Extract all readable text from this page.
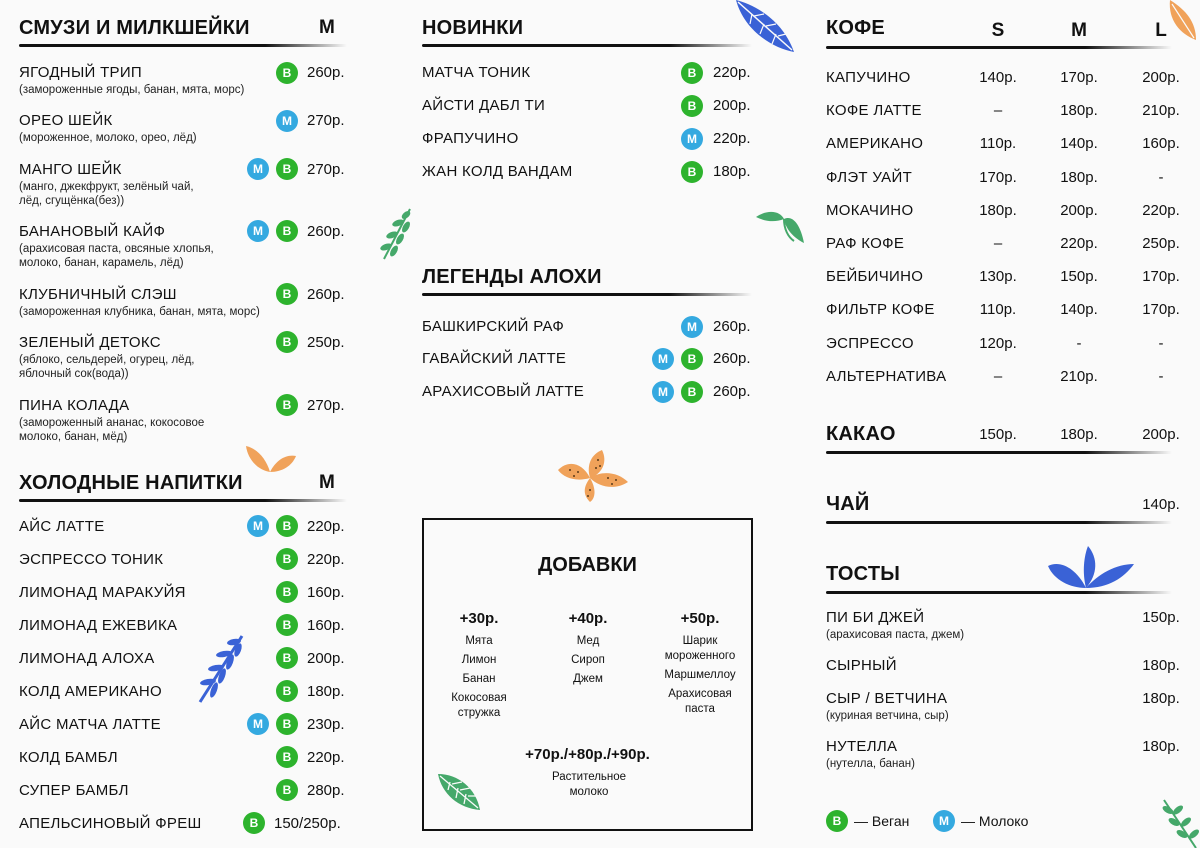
СМУЗИ И МИЛКШЕЙКИ	M
ЯГОДНЫЙ ТРИП
(замороженные ягоды, банан, мята, морс)
В	260р.
ОРЕО ШЕЙК
(мороженное, молоко, орео, лёд)
М	270р.
МАНГО ШЕЙК
(манго, джекфрукт, зелёный чай, лёд, сгущёнка(без))
М	В	270р.
БАНАНОВЫЙ КАЙФ
(арахисовая паста, овсяные хлопья, молоко, банан, карамель, лёд)
М	В	260р.
КЛУБНИЧНЫЙ СЛЭШ
(замороженная клубника, банан, мята, морс)
В	260р.
ЗЕЛЕНЫЙ ДЕТОКС
(яблоко, сельдерей, огурец, лёд, яблочный сок(вода))
В	250р.
ПИНА КОЛАДА
(замороженный ананас, кокосовое молоко, банан, мёд)
В	270р.
ХОЛОДНЫЕ НАПИТКИ	M
АЙС ЛАТТЕ	М	В	220р.
ЭСПРЕССО ТОНИК	В	220р.
ЛИМОНАД МАРАКУЙЯ	В	160р.
ЛИМОНАД ЕЖЕВИКА	В	160р.
ЛИМОНАД АЛОХА	В	200р.
КОЛД АМЕРИКАНО	В	180р.
АЙС МАТЧА ЛАТТЕ	М	В	230р.
КОЛД БАМБЛ	В	220р.
СУПЕР БАМБЛ	В	280р.
АПЕЛЬСИНОВЫЙ ФРЕШ	В	150/250р.
НОВИНКИ
МАТЧА ТОНИК	В	220р.
АЙСТИ ДАБЛ ТИ	В	200р.
ФРАПУЧИНО	М	220р.
ЖАН КОЛД ВАНДАМ	В	180р.
ЛЕГЕНДЫ АЛОХИ
БАШКИРСКИЙ РАФ	М	260р.
ГАВАЙСКИЙ ЛАТТЕ	М	В	260р.
АРАХИСОВЫЙ ЛАТТЕ	М	В	260р.
ДОБАВКИ
+30р.
Мята
Лимон
Банан
Кокосовая стружка
+40р.
Мед
Сироп
Джем
+50р.
Шарик мороженного
Маршмеллоу
Арахисовая паста
+70р./+80р./+90р.
Растительное молоко
КОФЕ	S	M	L
КАПУЧИНО	140р.	170р.	200р.
КОФЕ ЛАТТЕ	–	180р.	210р.
АМЕРИКАНО	110р.	140р.	160р.
ФЛЭТ УАЙТ	170р.	180р.	-
МОКАЧИНО	180р.	200р.	220р.
РАФ КОФЕ	–	220р.	250р.
БЕЙБИЧИНО	130р.	150р.	170р.
ФИЛЬТР КОФЕ	110р.	140р.	170р.
ЭСПРЕССО	120р.	-	-
АЛЬТЕРНАТИВА	–	210р.	-
КАКАО	150р.	180р.	200р.
ЧАЙ	140р.
ТОСТЫ
ПИ БИ ДЖЕЙ
(арахисовая паста, джем)
150р.
СЫРНЫЙ	180р.
СЫР / ВЕТЧИНА
(куриная ветчина, сыр)
180р.
НУТЕЛЛА
(нутелла, банан)
180р.
В — Веган	М — Молоко
